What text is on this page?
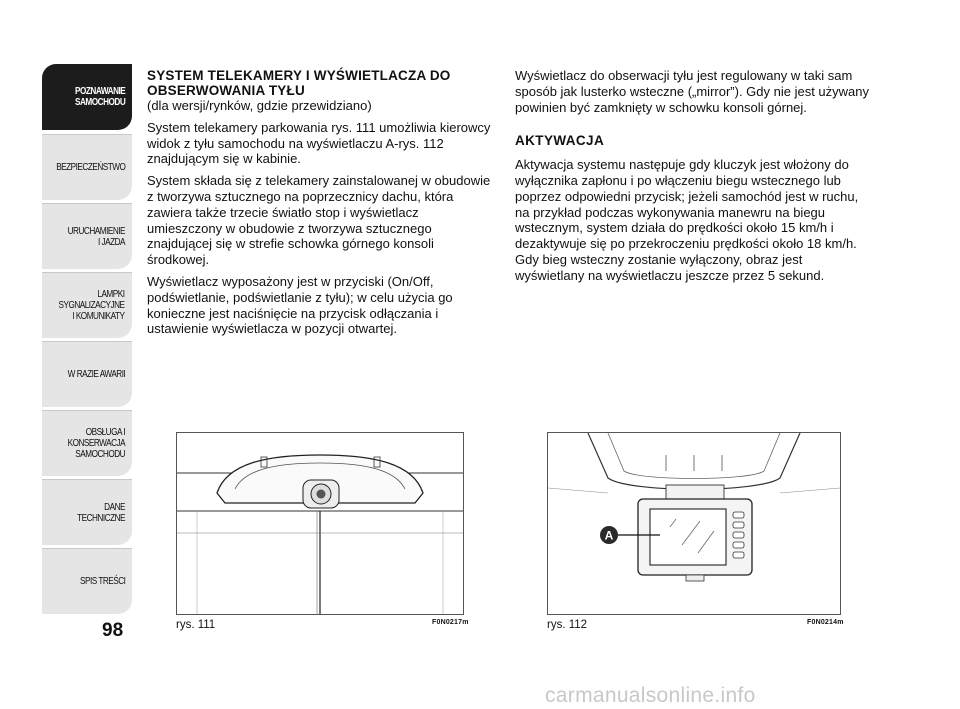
POZNAWANIE
SAMOCHODU
BEZPIECZEŃSTWO
URUCHAMIENIE
I JAZDA
LAMPKI
SYGNALIZACYJNE
I KOMUNIKATY
W RAZIE AWARII
OBSŁUGA I
KONSERWACJA
SAMOCHODU
DANE TECHNICZNE
SPIS TREŚCI
98
SYSTEM TELEKAMERY I WYŚWIETLACZA DO OBSERWOWANIA TYŁU
(dla wersji/rynków, gdzie przewidziano)

System telekamery parkowania rys. 111 umożliwia kierowcy widok z tyłu samochodu na wyświetlaczu A-rys. 112 znajdującym się w kabinie.

System składa się z telekamery zainstalowanej w obudowie z tworzywa sztucznego na poprzecznicy dachu, która zawiera także trzecie światło stop i wyświetlacz umieszczony w obudowie z tworzywa sztucznego znajdującej się w strefie schowka górnego konsoli środkowej.

Wyświetlacz wyposażony jest w przyciski (On/Off, podświetlanie, podświetlanie z tyłu); w celu użycia go konieczne jest naciśnięcie na przycisk odłączania i ustawienie wyświetlacza w pozycji otwartej.

Wyświetlacz do obserwacji tyłu jest regulowany w taki sam sposób jak lusterko wsteczne („mirror”). Gdy nie jest używany powinien być zamknięty w schowku konsoli górnej.

AKTYWACJA

Aktywacja systemu następuje gdy kluczyk jest włożony do wyłącznika zapłonu i po włączeniu biegu wstecznego lub poprzez odpowiedni przycisk; jeżeli samochód jest w ruchu, na przykład podczas wykonywania manewru na biegu wstecznym, system działa do prędkości około 15 km/h i dezaktywuje się po przekroczeniu prędkości około 18 km/h. Gdy bieg wsteczny zostanie wyłączony, obraz jest wyświetlany na wyświetlaczu jeszcze przez 5 sekund.

rys. 111	F0N0217m
A
rys. 112	F0N0214m
carmanualsonline.info
